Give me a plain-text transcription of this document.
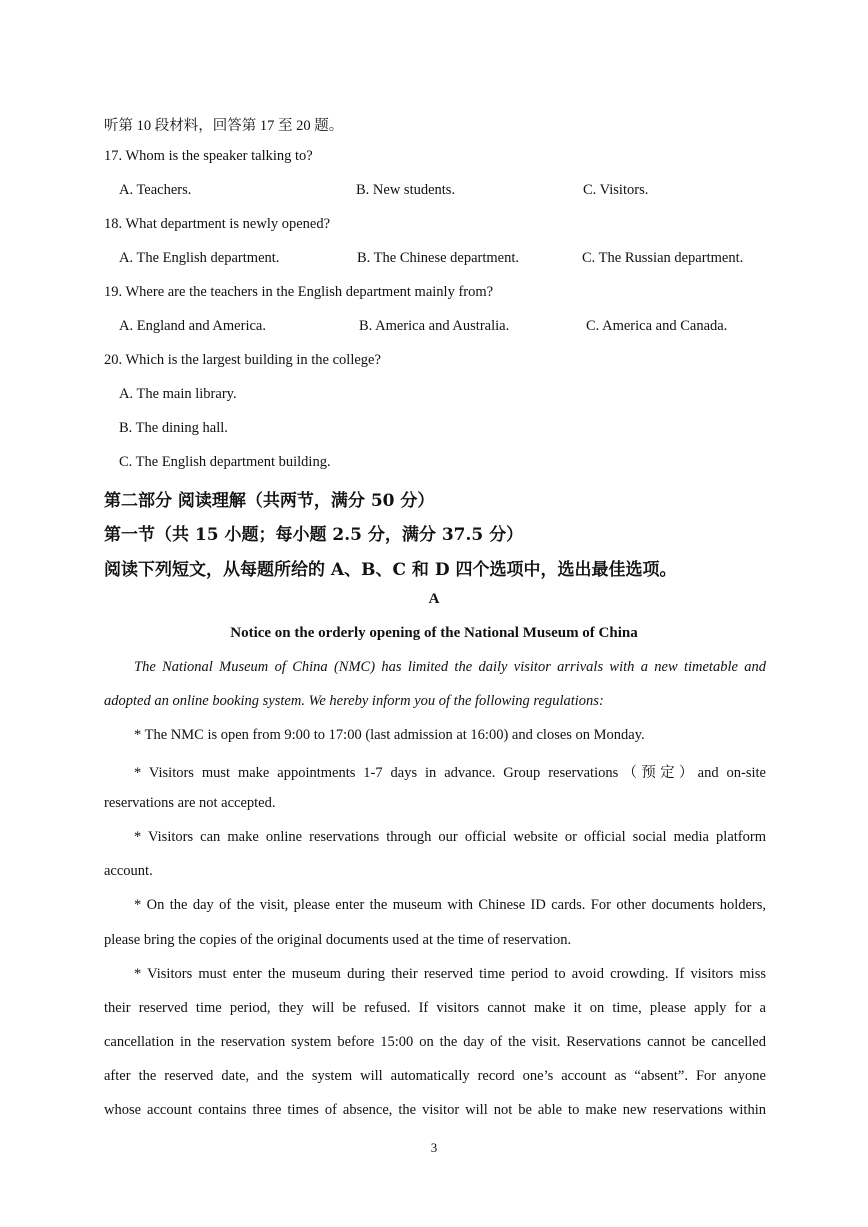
听第 10 段材料，回答第 17 至 20 题。
17. Whom is the speaker talking to?
A. Teachers.	B. New students.	C. Visitors.
18. What department is newly opened?
A. The English department.	B. The Chinese department.	C. The Russian department.
19. Where are the teachers in the English department mainly from?
A. England and America.	B. America and Australia.	C. America and Canada.
20. Which is the largest building in the college?
A. The main library.
B. The dining hall.
C. The English department building.
第二部分 阅读理解（共两节，满分 50 分）
第一节（共 15 小题；每小题 2.5 分，满分 37.5 分）
阅读下列短文，从每题所给的 A、B、C 和 D 四个选项中，选出最佳选项。
A
Notice on the orderly opening of the National Museum of China
The National Museum of China (NMC) has limited the daily visitor arrivals with a new timetable and
adopted an online booking system. We hereby inform you of the following regulations:
* The NMC is open from 9:00 to 17:00 (last admission at 16:00) and closes on Monday.
* Visitors must make appointments 1-7 days in advance. Group reservations（预定）and on-site
reservations are not accepted.
* Visitors can make online reservations through our official website or official social media platform
account.
* On the day of the visit, please enter the museum with Chinese ID cards. For other documents holders,
please bring the copies of the original documents used at the time of reservation.
* Visitors must enter the museum during their reserved time period to avoid crowding. If visitors miss
their reserved time period, they will be refused. If visitors cannot make it on time, please apply for a
cancellation in the reservation system before 15:00 on the day of the visit. Reservations cannot be cancelled
after the reserved date, and the system will automatically record one’s account as “absent”. For anyone
whose account contains three times of absence, the visitor will not be able to make new reservations within
3
